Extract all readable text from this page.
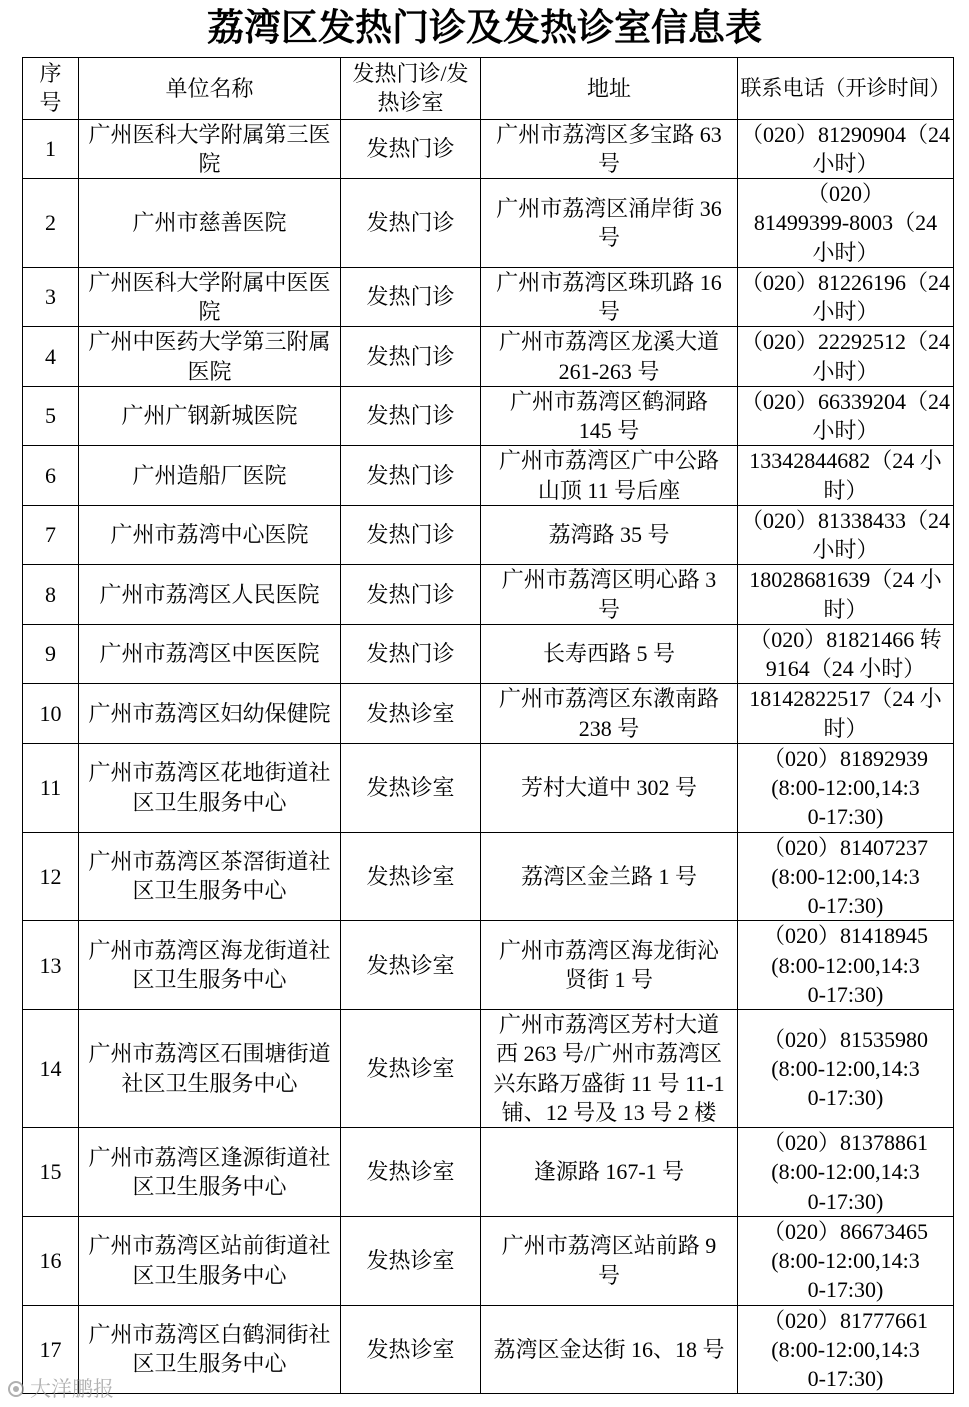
荔湾区发热门诊及发热诊室信息表
序
号	单位名称	发热门诊/发
热诊室	地址	联系电话（开诊时间）

1	广州医科大学附属第三医
院	发热门诊	广州市荔湾区多宝路 63
号	（020）81290904（24
小时）

2	广州市慈善医院	发热门诊	广州市荔湾区涌岸街 36
号	（020）
81499399-8003（24
小时）

3	广州医科大学附属中医医
院	发热门诊	广州市荔湾区珠玑路 16
号	（020）81226196（24
小时）

4	广州中医药大学第三附属
医院	发热门诊	广州市荔湾区龙溪大道
261-263 号	（020）22292512（24
小时）

5	广州广钢新城医院	发热门诊	广州市荔湾区鹤洞路
145 号	（020）66339204（24
小时）

6	广州造船厂医院	发热门诊	广州市荔湾区广中公路
山顶 11 号后座	13342844682（24 小
时）

7	广州市荔湾中心医院	发热门诊	荔湾路 35 号	（020）81338433（24
小时）

8	广州市荔湾区人民医院	发热门诊	广州市荔湾区明心路 3
号	18028681639（24 小
时）

9	广州市荔湾区中医医院	发热门诊	长寿西路 5 号	（020）81821466 转
9164（24 小时）

10	广州市荔湾区妇幼保健院	发热诊室	广州市荔湾区东漖南路
238 号	18142822517（24 小
时）

11	广州市荔湾区花地街道社
区卫生服务中心	发热诊室	芳村大道中 302 号	（020）81892939
(8:00-12:00,14:3
0-17:30)

12	广州市荔湾区茶滘街道社
区卫生服务中心	发热诊室	荔湾区金兰路 1 号	（020）81407237
(8:00-12:00,14:3
0-17:30)

13	广州市荔湾区海龙街道社
区卫生服务中心	发热诊室	广州市荔湾区海龙街沁
贤街 1 号	（020）81418945
(8:00-12:00,14:3
0-17:30)

14	广州市荔湾区石围塘街道
社区卫生服务中心	发热诊室	广州市荔湾区芳村大道
西 263 号/广州市荔湾区
兴东路万盛街 11 号 11-1
铺、12 号及 13 号 2 楼	（020）81535980
(8:00-12:00,14:3
0-17:30)

15	广州市荔湾区逢源街道社
区卫生服务中心	发热诊室	逢源路 167-1 号	（020）81378861
(8:00-12:00,14:3
0-17:30)

16	广州市荔湾区站前街道社
区卫生服务中心	发热诊室	广州市荔湾区站前路 9
号	（020）86673465
(8:00-12:00,14:3
0-17:30)

17	广州市荔湾区白鹤洞街社
区卫生服务中心	发热诊室	荔湾区金达街 16、18 号	（020）81777661
(8:00-12:00,14:3
0-17:30)
大洋鹏报
